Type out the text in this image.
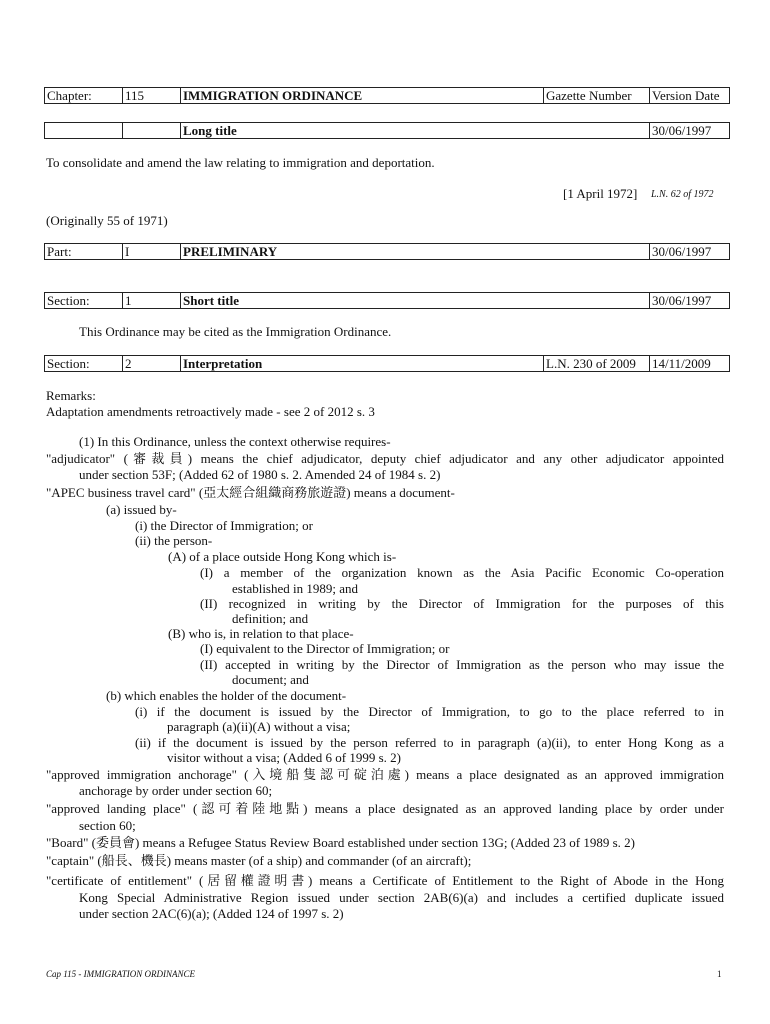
Chapter:	115	IMMIGRATION ORDINANCE	Gazette Number	Version Date
Long title	30/06/1997
To consolidate and amend the law relating to immigration and deportation.
[1 April 1972] L.N. 62 of 1972
(Originally 55 of 1971)
Part:	I	PRELIMINARY	30/06/1997
Section:	1	Short title	30/06/1997
This Ordinance may be cited as the Immigration Ordinance.
Section:	2	Interpretation	L.N. 230 of 2009	14/11/2009
Remarks:
Adaptation amendments retroactively made - see 2 of 2012 s. 3
(1) In this Ordinance, unless the context otherwise requires-
"adjudicator" (審裁員) means the chief adjudicator, deputy chief adjudicator and any other adjudicator appointed
under section 53F; (Added 62 of 1980 s. 2. Amended 24 of 1984 s. 2)
"APEC business travel card" (亞太經合組織商務旅遊證) means a document-
(a) issued by-
(i) the Director of Immigration; or
(ii) the person-
(A) of a place outside Hong Kong which is-
(I) a member of the organization known as the Asia Pacific Economic Co-operation
established in 1989; and
(II) recognized in writing by the Director of Immigration for the purposes of this
definition; and
(B) who is, in relation to that place-
(I) equivalent to the Director of Immigration; or
(II) accepted in writing by the Director of Immigration as the person who may issue the
document; and
(b) which enables the holder of the document-
(i) if the document is issued by the Director of Immigration, to go to the place referred to in
paragraph (a)(ii)(A) without a visa;
(ii) if the document is issued by the person referred to in paragraph (a)(ii), to enter Hong Kong as a
visitor without a visa; (Added 6 of 1999 s. 2)
"approved immigration anchorage" (入境船隻認可碇泊處) means a place designated as an approved immigration
anchorage by order under section 60;
"approved landing place" (認可着陸地點) means a place designated as an approved landing place by order under
section 60;
"Board" (委員會) means a Refugee Status Review Board established under section 13G; (Added 23 of 1989 s. 2)
"captain" (船長、機長) means master (of a ship) and commander (of an aircraft);
"certificate of entitlement" (居留權證明書) means a Certificate of Entitlement to the Right of Abode in the Hong
Kong Special Administrative Region issued under section 2AB(6)(a) and includes a certified duplicate issued
under section 2AC(6)(a); (Added 124 of 1997 s. 2)
Cap 115 - IMMIGRATION ORDINANCE	1
